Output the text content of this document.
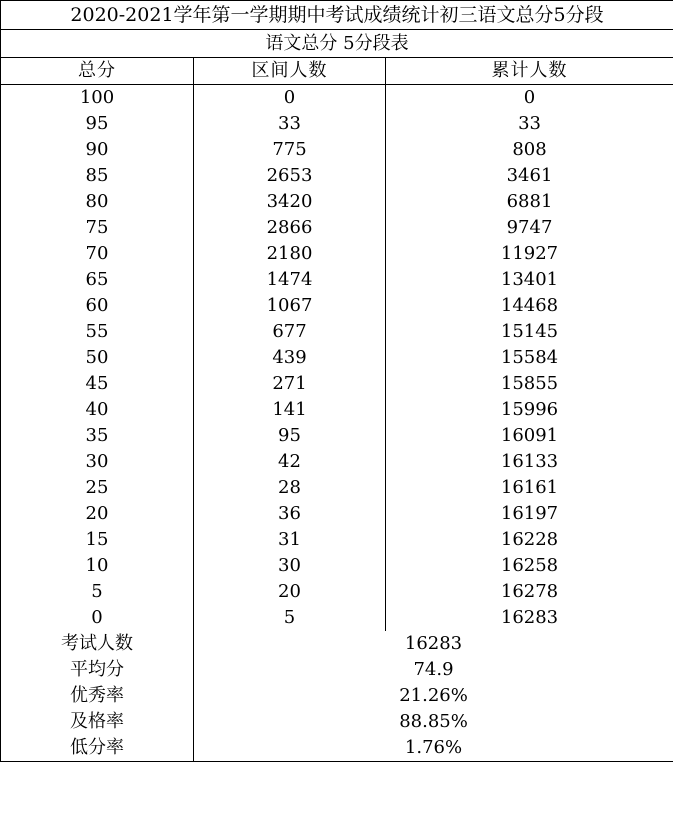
2020-2021学年第一学期期中考试成绩统计初三语文总分5分段		
语文总分 5分段表		
总分	区间人数	累计人数
100	0	0
95	33	33
90	775	808
85	2653	3461
80	3420	6881
75	2866	9747
70	2180	11927
65	1474	13401
60	1067	14468
55	677	15145
50	439	15584
45	271	15855
40	141	15996
35	95	16091
30	42	16133
25	28	16161
20	36	16197
15	31	16228
10	30	16258
5	20	16278
0	5	16283
考试人数	16283	
平均分	74.9	
优秀率	21.26%	
及格率	88.85%	
低分率	1.76%	
